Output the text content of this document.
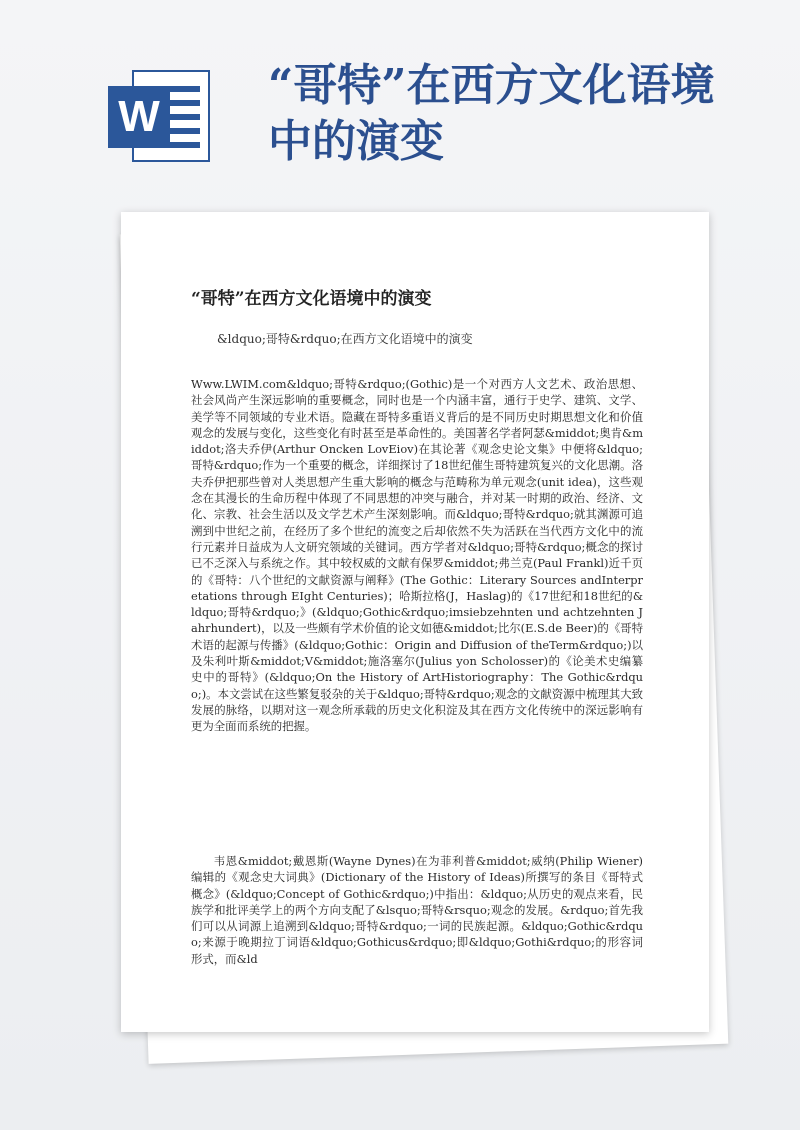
W
“哥特”在西方文化语境中的演变
“哥特”在西方文化语境中的演变
&ldquo;哥特&rdquo;在西方文化语境中的演变
Www.LWIM.com&ldquo;哥特&rdquo;(Gothic)是一个对西方人文艺术、政治思想、社会风尚产生深远影响的重要概念，同时也是一个内涵丰富，通行于史学、建筑、文学、美学等不同领域的专业术语。隐藏在哥特多重语义背后的是不同历史时期思想文化和价值观念的发展与变化，这些变化有时甚至是革命性的。美国著名学者阿瑟&middot;奥肯&middot;洛夫乔伊(Arthur Oncken LovEiov)在其论著《观念史论文集》中便将&ldquo;哥特&rdquo;作为一个重要的概念，详细探讨了18世纪催生哥特建筑复兴的文化思潮。洛夫乔伊把那些曾对人类思想产生重大影响的概念与范畴称为单元观念(unit idea)，这些观念在其漫长的生命历程中体现了不同思想的冲突与融合，并对某一时期的政治、经济、文化、宗教、社会生活以及文学艺术产生深刻影响。而&ldquo;哥特&rdquo;就其渊源可追溯到中世纪之前，在经历了多个世纪的流变之后却依然不失为活跃在当代西方文化中的流行元素并日益成为人文研究领域的关键词。西方学者对&ldquo;哥特&rdquo;概念的探讨已不乏深入与系统之作。其中较权威的文献有保罗&middot;弗兰克(Paul Frankl)近千页的《哥特：八个世纪的文献资源与阐释》(The Gothic：Literary Sources andInterpretations through EIght Centuries)；哈斯拉格(J，Haslag)的《17世纪和18世纪的&ldquo;哥特&rdquo;》(&ldquo;Gothic&rdquo;imsiebzehnten und achtzehnten Jahrhundert)，以及一些颇有学术价值的论文如德&middot;比尔(E.S.de Beer)的《哥特术语的起源与传播》(&ldquo;Gothic：Origin and Diffusion of theTerm&rdquo;)以及朱利叶斯&middot;V&middot;施洛塞尔(Julius yon Scholosser)的《论美术史编纂史中的哥特》(&ldquo;On the History of ArtHistoriography：The Gothic&rdquo;)。本文尝试在这些繁复驳杂的关于&ldquo;哥特&rdquo;观念的文献资源中梳理其大致发展的脉络，以期对这一观念所承载的历史文化积淀及其在西方文化传统中的深远影响有更为全面而系统的把握。
韦恩&middot;戴恩斯(Wayne Dynes)在为菲利普&middot;威纳(Philip Wiener)编辑的《观念史大词典》(Dictionary of the History of Ideas)所撰写的条目《哥特式概念》(&ldquo;Concept of Gothic&rdquo;)中指出：&ldquo;从历史的观点来看，民族学和批评美学上的两个方向支配了&lsquo;哥特&rsquo;观念的发展。&rdquo;首先我们可以从词源上追溯到&ldquo;哥特&rdquo;一词的民族起源。&ldquo;Gothic&rdquo;来源于晚期拉丁词语&ldquo;Gothicus&rdquo;即&ldquo;Gothi&rdquo;的形容词形式，而&ld
